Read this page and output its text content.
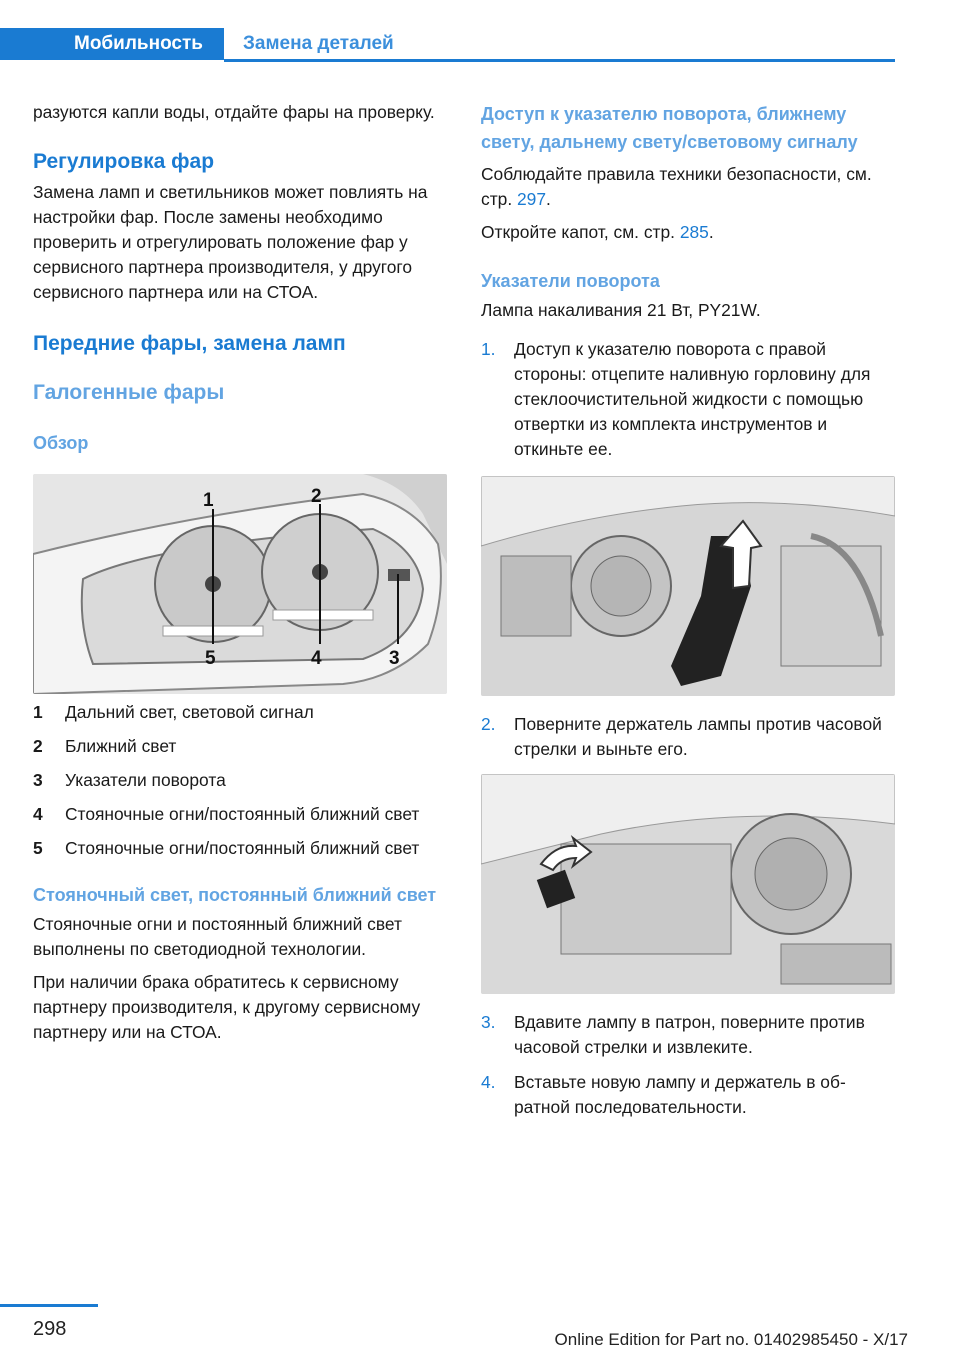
Мобильность	Замена деталей

разуются капли воды, отдайте фары на проверку.

Регулировка фар

Замена ламп и светильников может повлиять на настройки фар. После замены необходимо проверить и отрегулировать положение фар у сервисного партнера производителя, у другого сервисного партнера или на СТОА.

Передние фары, замена ламп
Галогенные фары
Обзор
1	2
5	4	3
1	Дальний свет, световой сигнал
2	Ближний свет
3	Указатели поворота
4	Стояночные огни/постоянный ближний свет
5	Стояночные огни/постоянный ближний свет
Стояночный свет, постоянный ближний свет

Стояночные огни и постоянный ближний свет выполнены по светодиодной технологии.

При наличии брака обратитесь к сервисному партнеру производителя, к другому сервисному партнеру или на СТОА.

Доступ к указателю поворота, ближнему свету, дальнему свету/световому сигналу

Соблюдайте правила техники безопасности, см. стр. 297.

Откройте капот, см. стр. 285.

Указатели поворота

Лампа накаливания 21 Вт, PY21W.

1.	Доступ к указателю поворота с правой стороны: отцепите наливную горловину для стеклоочистительной жидкости с помощью отвертки из комплекта инструментов и откиньте ее.
2.	Поверните держатель лампы против часовой стрелки и выньте его.
3.	Вдавите лампу в патрон, поверните против часовой стрелки и извлеките.
4.	Вставьте новую лампу и держатель в обратной последовательности.
298	Online Edition for Part no. 01402985450 - X/17
